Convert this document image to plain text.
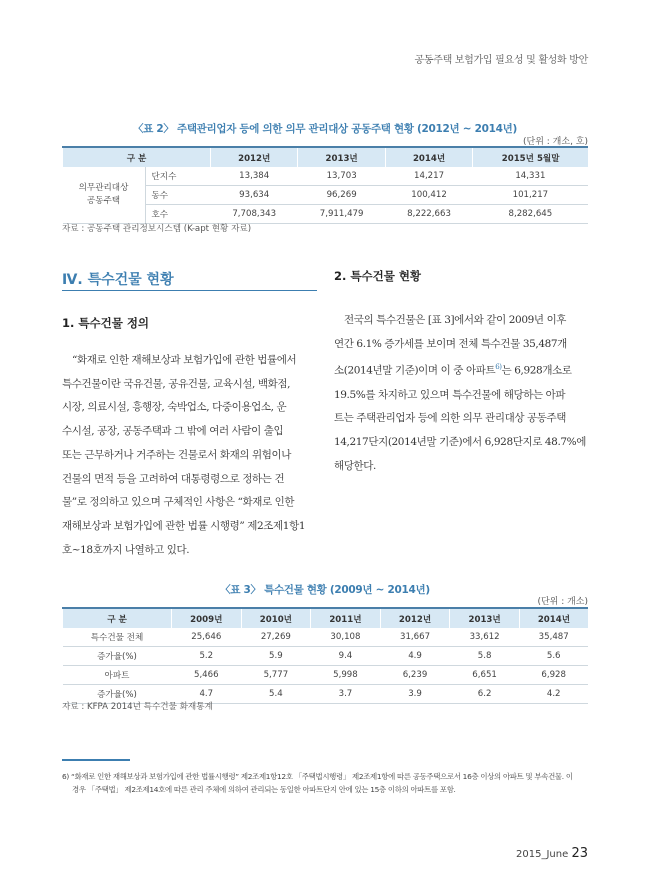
공동주택 보험가입 필요성 및 활성화 방안
〈표 2〉 주택관리업자 등에 의한 의무 관리대상 공동주택 현황 (2012년 ~ 2014년)
(단위 : 개소, 호)
구 분		2012년	2013년	2014년	2015년 5월말
의무관리대상
공동주택	단지수	13,384	13,703	14,217	14,331
	동수	93,634	96,269	100,412	101,217
	호수	7,708,343	7,911,479	8,222,663	8,282,645
자료 : 공동주택 관리정보시스템 (K-apt 현황 자료)
Ⅳ. 특수건물 현황
1. 특수건물 정의
“화재로 인한 재해보상과 보험가입에 관한 법률에서
특수건물이란 국유건물, 공유건물, 교육시설, 백화점,
시장, 의료시설, 흥행장, 숙박업소, 다중이용업소, 운
수시설, 공장, 공동주택과 그 밖에 여러 사람이 출입
또는 근무하거나 거주하는 건물로서 화재의 위험이나
건물의 면적 등을 고려하여 대통령령으로 정하는 건
물”로 정의하고 있으며 구체적인 사항은 “화재로 인한
재해보상과 보험가입에 관한 법률 시행령” 제2조제1항1
호~18호까지 나열하고 있다.
2. 특수건물 현황
전국의 특수건물은 [표 3]에서와 같이 2009년 이후
연간 6.1% 증가세를 보이며 전체 특수건물 35,487개
소(2014년말 기준)이며 이 중 아파트$^{6)}$는 6,928개소로
19.5%를 차지하고 있으며 특수건물에 해당하는 아파
트는 주택관리업자 등에 의한 의무 관리대상 공동주택
14,217단지(2014년말 기준)에서 6,928단지로 48.7%에
해당한다.
〈표 3〉 특수건물 현황 (2009년 ~ 2014년)
(단위 : 개소)
구 분	2009년	2010년	2011년	2012년	2013년	2014년
특수건물 전체	25,646	27,269	30,108	31,667	33,612	35,487
증가율(%)	5.2	5.9	9.4	4.9	5.8	5.6
아파트	5,466	5,777	5,998	6,239	6,651	6,928
증가율(%)	4.7	5.4	3.7	3.9	6.2	4.2
자료 : KFPA 2014년 특수건물 화재통계
6) “화재로 인한 재해보상과 보험가입에 관한 법률시행령” 제2조제1항12호 「주택법시행령」 제2조제1항에 따른 공동주택으로서 16층 이상의 아파트 및 부속건물. 이
경우 「주택법」 제2조제14호에 따른 관리 주체에 의하여 관리되는 동일한 아파트단지 안에 있는 15층 이하의 아파트를 포함.
2015_June 23
